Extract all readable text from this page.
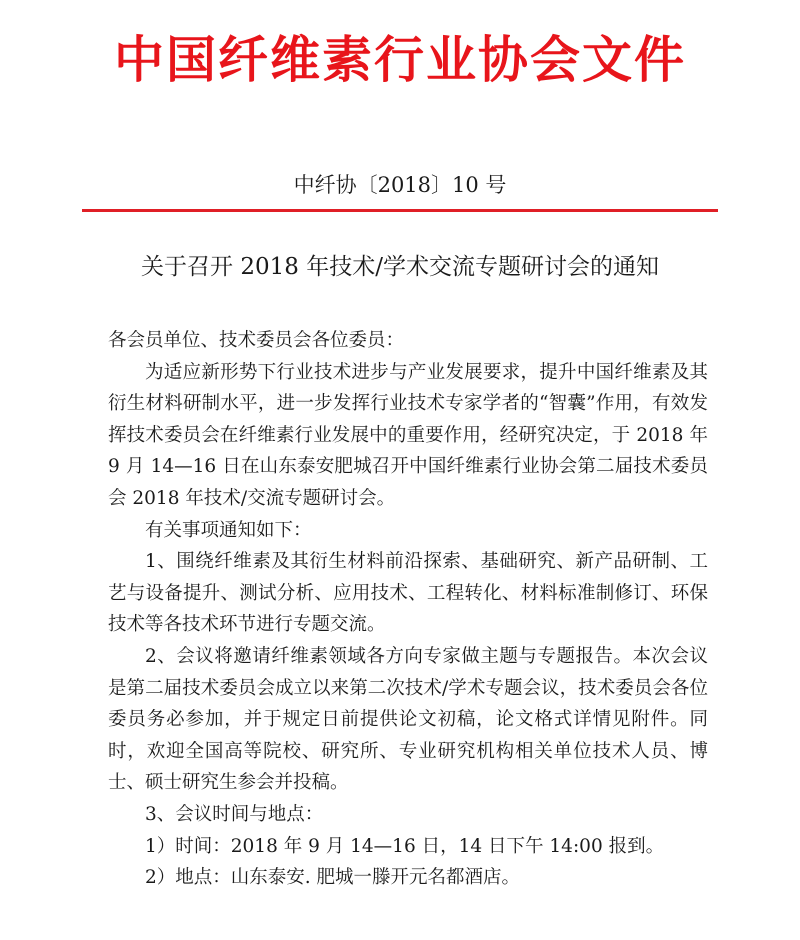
中国纤维素行业协会文件
中纤协〔2018〕10 号
关于召开 2018 年技术/学术交流专题研讨会的通知

各会员单位、技术委员会各位委员：

为适应新形势下行业技术进步与产业发展要求，提升中国纤维素及其衍生材料研制水平，进一步发挥行业技术专家学者的“智囊”作用，有效发挥技术委员会在纤维素行业发展中的重要作用，经研究决定，于 2018 年 9 月 14—16 日在山东泰安肥城召开中国纤维素行业协会第二届技术委员会 2018 年技术/交流专题研讨会。

有关事项通知如下：

1、围绕纤维素及其衍生材料前沿探索、基础研究、新产品研制、工艺与设备提升、测试分析、应用技术、工程转化、材料标准制修订、环保技术等各技术环节进行专题交流。

2、会议将邀请纤维素领域各方向专家做主题与专题报告。本次会议是第二届技术委员会成立以来第二次技术/学术专题会议，技术委员会各位委员务必参加，并于规定日前提供论文初稿，论文格式详情见附件。同时，欢迎全国高等院校、研究所、专业研究机构相关单位技术人员、博士、硕士研究生参会并投稿。

3、会议时间与地点：

1）时间：2018 年 9 月 14—16 日，14 日下午 14:00 报到。

2）地点：山东泰安. 肥城一滕开元名都酒店。
